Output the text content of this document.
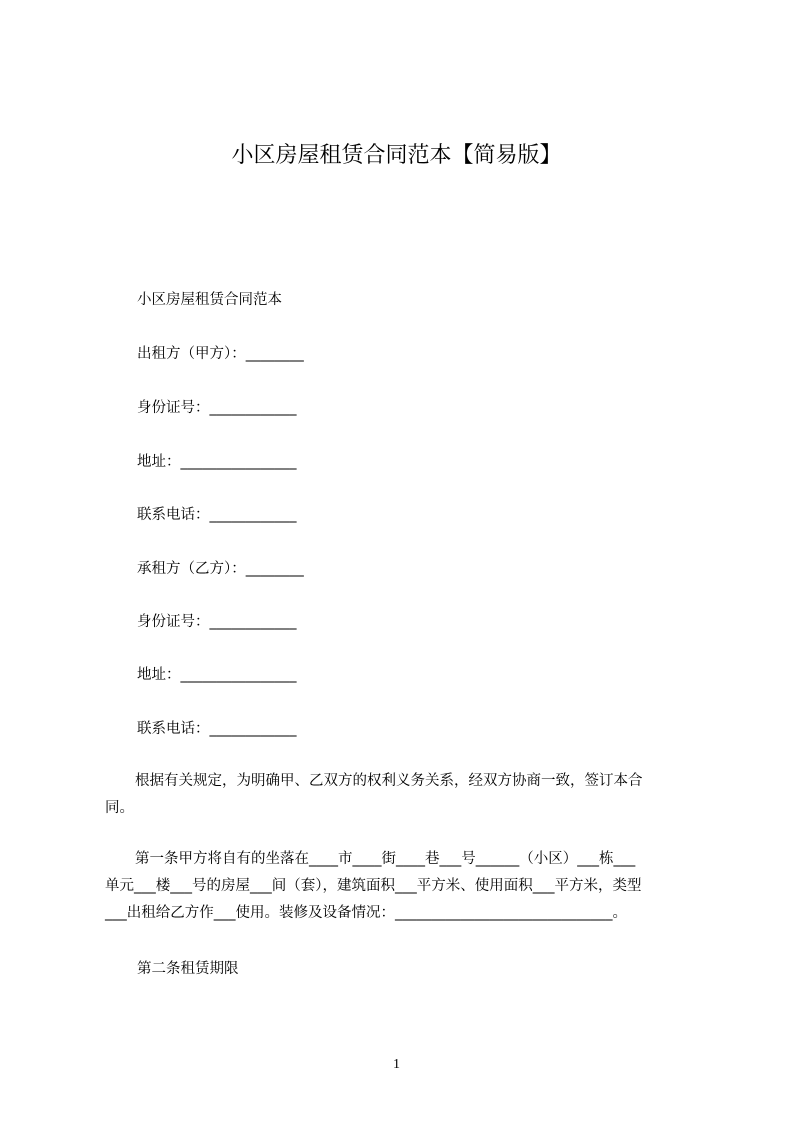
小区房屋租赁合同范本【简易版】
小区房屋租赁合同范本
出租方（甲方）：________
身份证号：____________
地址：________________
联系电话：____________
承租方（乙方）：________
身份证号：____________
地址：________________
联系电话：____________
根据有关规定，为明确甲、乙双方的权利义务关系，经双方协商一致，签订本合
同。
第一条甲方将自有的坐落在____市____街____巷___号______（小区）___栋___
单元___楼___号的房屋___间（套），建筑面积___平方米、使用面积___平方米，类型
___出租给乙方作___使用。装修及设备情况：______________________________。
第二条租赁期限
1
